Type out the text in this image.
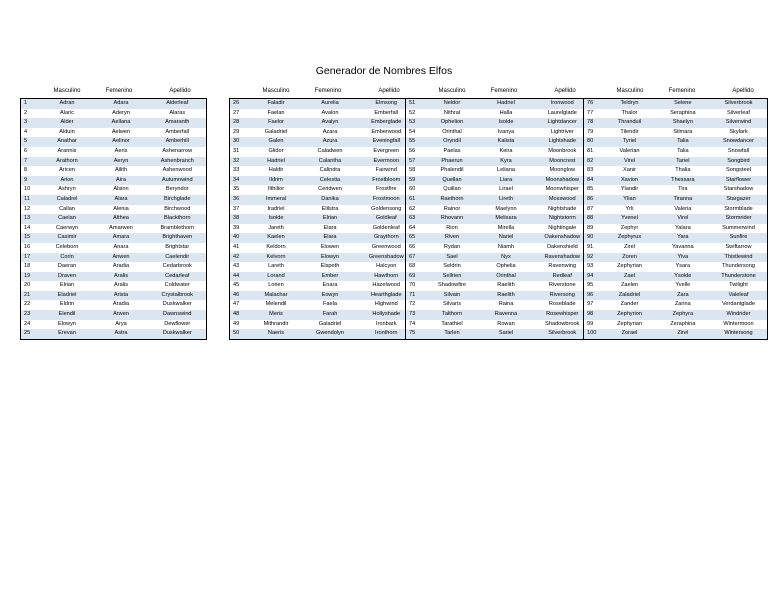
Generador de Nombres Elfos
Masculino	Femenino	Apellido
1	Adran	Adara	Alderleaf
2	Alaric	Aderyn	Alaras
3	Alder	Aellana	Amaranth
4	Alduin	Aelwen	Amberfall
5	Anathar	Aelinor	Amberhill
6	Arannis	Aeris	Ashenarrow
7	Arathorn	Aeryn	Ashenbranch
8	Aricen	Ailith	Ashenwood
9	Arion	Aira	Autumnwind
10	Ashryn	Alsinn	Beryndor
11	Caladrel	Alara	Birchglade
12	Callan	Alenia	Birchwood
13	Caelan	Althea	Blackthorn
14	Caerwyn	Amarwen	Bramblethorn
15	Casimir	Amara	Brighthaven
16	Celeborn	Anara	Brightstar
17	Corin	Anwen	Caelendir
18	Daeran	Aradia	Cedarbrook
19	Draven	Aralis	Cedarleaf
20	Elrian	Aralis	Coldwater
21	Eladriel	Arista	Crystalbrook
22	Eldrin	Aradia	Duskwalker
23	Elendil	Arwen	Dawnswind
24	Elowyn	Arya	Dewflower
25	Erevan	Astra	Duskwalker
Masculino	Femenino	Apellido
26	Faladir	Aurelia	Elmsong
27	Faelan	Avalon	Emberfall
28	Faelor	Avalyn	Emberglade
29	Galadriel	Azara	Emberwood
30	Galen	Azura	Eveningfall
31	Glidor	Caladwen	Evergreen
32	Hadriel	Calantha	Evermoon
33	Haldir	Calindra	Fairwind
34	Ildrim	Celestia	Frostbloom
35	Ilthilior	Ceridwen	Frostfire
36	Immeral	Danika	Frostmoon
37	Iradriel	Elilstra	Goldensong
38	Isolde	Elrian	Goldleaf
39	Jareth	Elara	Goldenleaf
40	Kaelen	Elara	Graythorn
41	Keldorn	Elowen	Greenwood
42	Kelvorn	Elowyn	Greenshadow
43	Lareth	Elspeth	Halcyon
44	Lorand	Ember	Hawthorn
45	Lorien	Enara	Hazelwood
46	Malachar	Eowyn	Hearthglade
47	Melendil	Faela	Highwind
48	Meris	Farah	Hollyshade
49	Mithrandir	Galadriel	Ironbark
50	Naeris	Gwendolyn	Ironthorn
Masculino	Femenino	Apellido
51	Neldor	Hadriel	Ironwood
52	Nithral	Halla	Laurelglade
53	Ophelion	Isolde	Lightdancer
54	Orinthal	Ivanya	Lightriver
55	Oryndil	Kalista	Lightshade
56	Paelas	Keira	Moonbrook
57	Phaerun	Kyra	Mooncrest
58	Phalendil	Leliana	Moonglow
59	Quellan	Liara	Moonshadow
60	Quillan	Lirael	Moonwhisper
61	Raethorn	Lireth	Mosswood
62	Rainor	Maelynn	Nightshade
63	Rhovann	Melisara	Nightstorm
64	Rion	Mirella	Nightingale
65	Riven	Nariel	Oakenshadow
66	Rydan	Niamh	Oakenshield
67	Sael	Nyx	Ravenshadow
68	Seldrin	Ophelia	Ravenwing
69	Sellrien	Orinthal	Redleaf
70	Shadowfire	Raelith	Riverstone
71	Silvain	Raelith	Riversong
72	Silvaris	Raina	Roseblade
73	Talthorn	Ravenna	Rosewhisper
74	Tarathiel	Rowan	Shadowbrook
75	Tarlen	Sariel	Silverbrook
Masculino	Femenino	Apellido
76	Teldryn	Selene	Silverbrook
77	Thalor	Seraphina	Silverleaf
78	Thranduil	Shaelyn	Silverwind
79	Tilendir	Silmara	Skylark
80	Tyriel	Talia	Snowdancer
81	Valerian	Talia	Snowfall
82	Virel	Tariel	Songbird
83	Xanir	Thalia	Songsteel
84	Xavion	Thessara	Starflower
85	Ylandir	Tira	Starshadow
86	Ylian	Tiranna	Stargazer
87	Yrli	Valeria	Stormblade
88	Yvenel	Virel	Stormrider
89	Zephyr	Yalara	Summerwind
90	Zephyrus	Yara	Sunfire
91	Zirel	Yavanna	Swiftarrow
92	Zoren	Yiva	Thistlewind
93	Zephyrian	Ysara	Thundersong
94	Zael	Ysolde	Thunderstone
95	Zaelen	Yvelle	Twilight
96	Zaladriel	Zara	Valeleaf
97	Zander	Zarina	Verdantglade
98	Zephyrion	Zephyra	Windrider
99	Zephyrian	Zeraphina	Wintermoon
100	Zorael	Zirel	Wintersong
